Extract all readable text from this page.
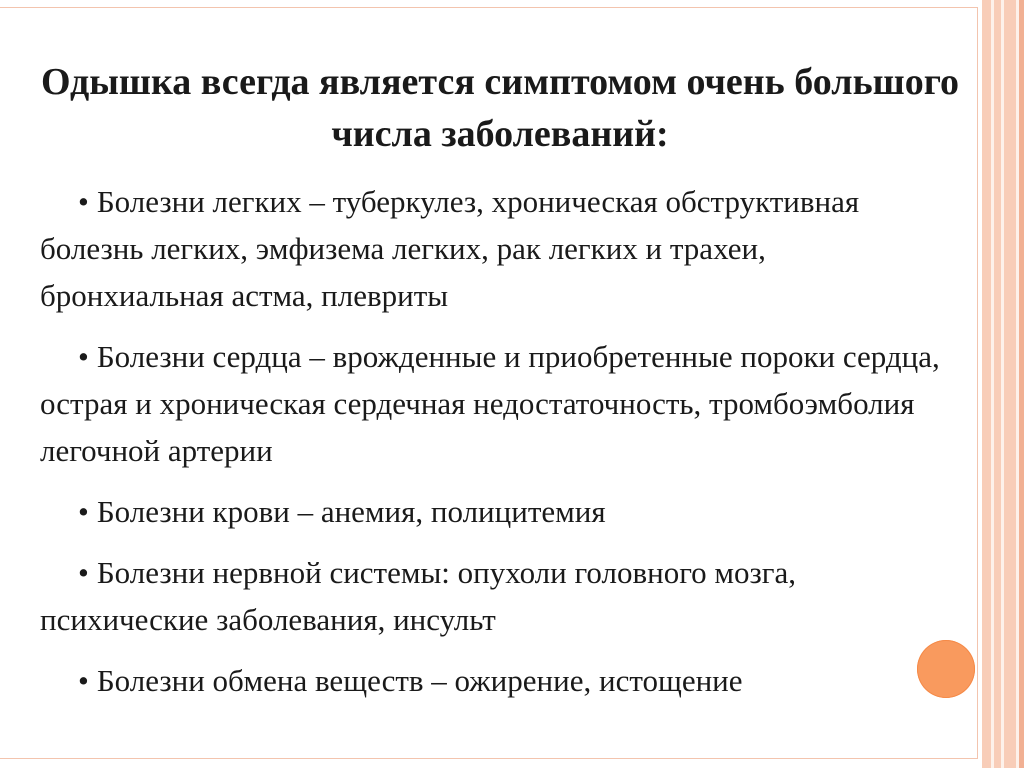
Одышка всегда является симптомом очень большого числа заболеваний:
• Болезни легких – туберкулез, хроническая обструктивная болезнь легких, эмфизема легких, рак легких и трахеи, бронхиальная астма, плевриты
• Болезни сердца – врожденные и приобретенные пороки сердца, острая и хроническая сердечная недостаточность, тромбоэмболия легочной артерии
• Болезни крови – анемия, полицитемия
• Болезни нервной системы: опухоли головного мозга, психические заболевания, инсульт
• Болезни обмена веществ – ожирение, истощение
